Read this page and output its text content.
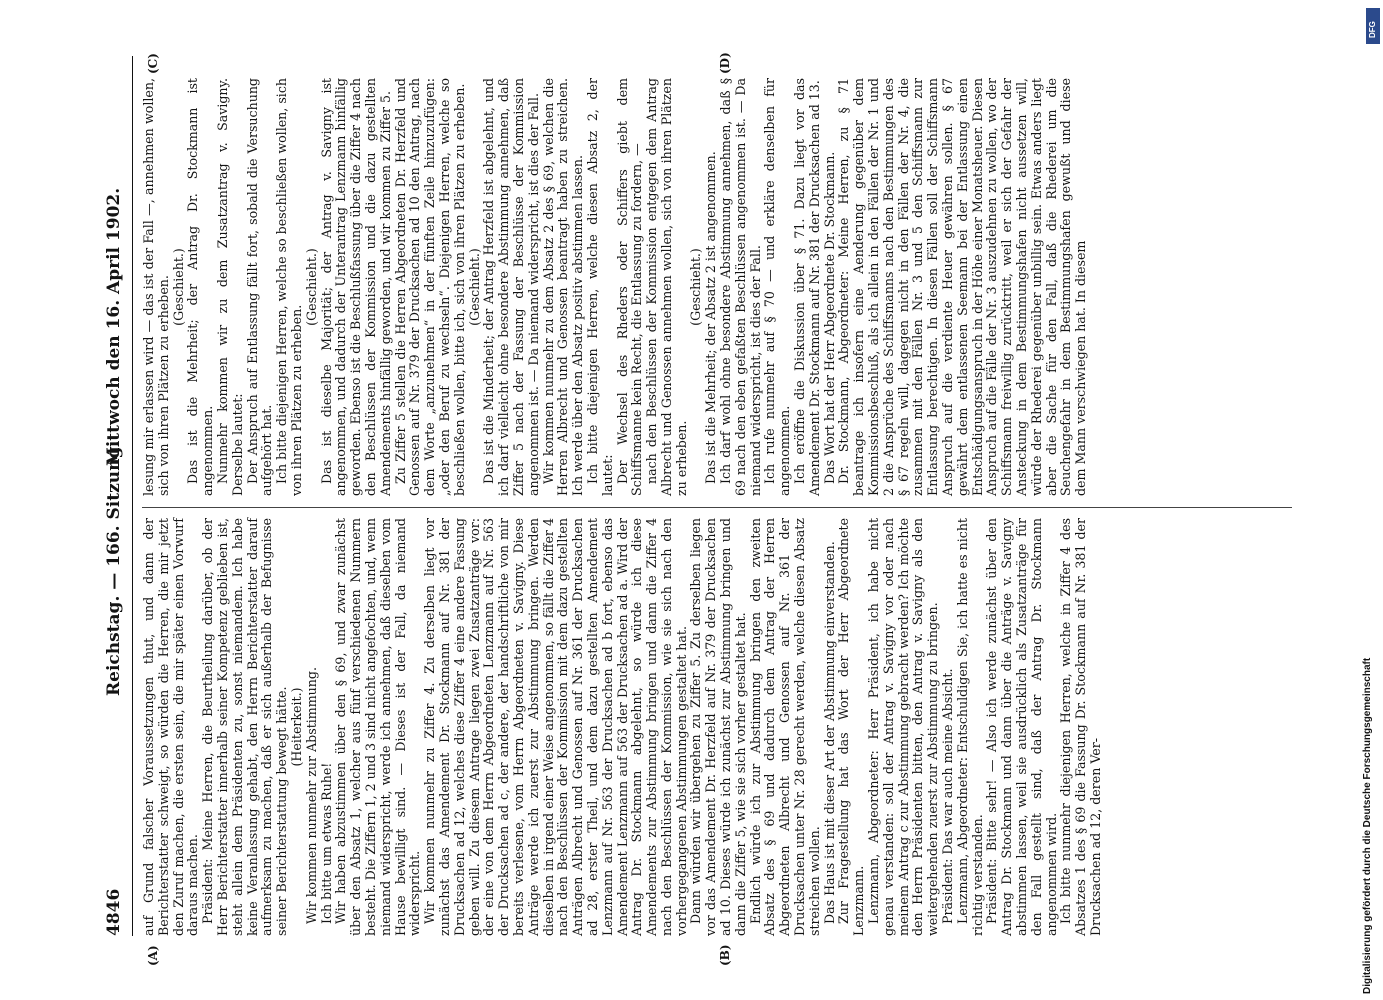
4846
Reichstag. — 166. Sitzung.
Mittwoch den 16. April 1902.
(A)	(B)
(C)	(D)

auf Grund falscher Voraussetzungen thut, und dann der Berichterstatter schweigt, so würden die Herren, die mir jetzt den Zuruf machen, die ersten sein, die mir später einen Vorwurf daraus machen. Präsident: Meine Herren, die Beurtheilung darüber, ob der Herr Berichterstatter innerhalb seiner Kompetenz geblieben ist, steht allein dem Präsidenten zu, sonst niemandem. Ich habe keine Veranlassung gehabt, den Herrn Berichterstatter darauf aufmerksam zu machen, daß er sich außerhalb der Befugnisse seiner Berichterstattung bewegt hätte. (Heiterkeit.) Wir kommen nunmehr zur Abstimmung. Ich bitte um etwas Ruhe! Wir haben abzustimmen über den § 69, und zwar zunächst über den Absatz 1, welcher aus fünf verschiedenen Nummern besteht. Die Ziffern 1, 2 und 3 sind nicht angefochten, und, wenn niemand widerspricht, werde ich annehmen, daß dieselben vom Hause bewilligt sind. — Dieses ist der Fall, da niemand widerspricht. Wir kommen nunmehr zu Ziffer 4. Zu derselben liegt vor zunächst das Amendement Dr. Stockmann auf Nr. 381 der Drucksachen ad 12, welches diese Ziffer 4 eine andere Fassung geben will. Zu diesem Antrage liegen zwei Zusatzanträge vor: der eine von dem Herrn Abgeordneten Lenzmann auf Nr. 563 der Drucksachen ad c, der andere, der handschriftliche von mir bereits verlesene, vom Herrn Abgeordneten v. Savigny. Diese Anträge werde ich zuerst zur Abstimmung bringen. Werden dieselben in irgend einer Weise angenommen, so fällt die Ziffer 4 nach den Beschlüssen der Kommission mit dem dazu gestellten Anträgen Albrecht und Genossen auf Nr. 361 der Drucksachen ad 28, erster Theil, und dem dazu gestellten Amendement Lenzmann auf Nr. 563 der Drucksachen ad b fort, ebenso das Amendement Lenzmann auf 563 der Drucksachen ad a. Wird der Antrag Dr. Stockmann abgelehnt, so würde ich diese Amendements zur Abstimmung bringen und dann die Ziffer 4 nach den Beschlüssen der Kommission, wie sie sich nach den vorhergegangenen Abstimmungen gestaltet hat. Dann würden wir übergehen zu Ziffer 5. Zu derselben liegen vor das Amendement Dr. Herzfeld auf Nr. 379 der Drucksachen ad 10. Dieses würde ich zunächst zur Abstimmung bringen und dann die Ziffer 5, wie sie sich vorher gestaltet hat. Endlich würde ich zur Abstimmung bringen den zweiten Absatz des § 69 und dadurch dem Antrag der Herren Abgeordneten Albrecht und Genossen auf Nr. 361 der Drucksachen unter Nr. 28 gerecht werden, welche diesen Absatz streichen wollen. Das Haus ist mit dieser Art der Abstimmung einverstanden. Zur Fragestellung hat das Wort der Herr Abgeordnete Lenzmann. Lenzmann, Abgeordneter: Herr Präsident, ich habe nicht genau verstanden: soll der Antrag v. Savigny vor oder nach meinem Antrag c zur Abstimmung gebracht werden? Ich möchte den Herrn Präsidenten bitten, den Antrag v. Savigny als den weitergehenden zuerst zur Abstimmung zu bringen. Präsident: Das war auch meine Absicht. Lenzmann, Abgeordneter: Entschuldigen Sie, ich hatte es nicht richtig verstanden. Präsident: Bitte sehr! — Also ich werde zunächst über den Antrag Dr. Stockmann und dann über die Anträge v. Savigny abstimmen lassen, weil sie ausdrücklich als Zusatzanträge für den Fall gestellt sind, daß der Antrag Dr. Stockmann angenommen wird. Ich bitte nunmehr diejenigen Herren, welche in Ziffer 4 des Absatzes 1 des § 69 die Fassung Dr. Stockmann auf Nr. 381 der Drucksachen ad 12, deren Ver-

lesung mir erlassen wird — das ist der Fall —, annehmen wollen, sich von ihren Plätzen zu erheben. (Geschieht.) Das ist die Mehrheit; der Antrag Dr. Stockmann ist angenommen. Nunmehr kommen wir zu dem Zusatzantrag v. Savigny. Derselbe lautet: Der Anspruch auf Entlassung fällt fort, sobald die Versuchung aufgehört hat. Ich bitte diejenigen Herren, welche so beschließen wollen, sich von ihren Plätzen zu erheben.

(Geschieht.) Das ist dieselbe Majorität; der Antrag v. Savigny ist angenommen, und dadurch der Unterantrag Lenzmann hinfällig geworden. Ebenso ist die Beschlußfassung über die Ziffer 4 nach den Beschlüssen der Kommission und die dazu gestellten Amendements hinfällig geworden, und wir kommen zu Ziffer 5. Zu Ziffer 5 stellen die Herren Abgeordneten Dr. Herzfeld und Genossen auf Nr. 379 der Drucksachen ad 10 den Antrag, nach dem Worte „anzunehmen“ in der fünften Zeile hinzuzufügen: „oder den Beruf zu wechseln“. Diejenigen Herren, welche so beschließen wollen, bitte ich, sich von ihren Plätzen zu erheben. (Geschieht.) Das ist die Minderheit; der Antrag Herzfeld ist abgelehnt, und ich darf vielleicht ohne besondere Abstimmung annehmen, daß Ziffer 5 nach der Fassung der Beschlüsse der Kommission angenommen ist. — Da niemand widerspricht, ist dies der Fall. Wir kommen nunmehr zu dem Absatz 2 des § 69, welchen die Herren Albrecht und Genossen beantragt haben zu streichen. Ich werde über den Absatz positiv abstimmen lassen. Ich bitte diejenigen Herren, welche diesen Absatz 2, der lautet: Der Wechsel des Rheders oder Schiffers giebt dem Schiffsmanne kein Recht, die Entlassung zu fordern, — nach den Beschlüssen der Kommission entgegen dem Antrag Albrecht und Genossen annehmen wollen, sich von ihren Plätzen zu erheben.

(Geschieht.) Das ist die Mehrheit; der Absatz 2 ist angenommen. Ich darf wohl ohne besondere Abstimmung annehmen, daß § 69 nach den eben gefaßten Beschlüssen angenommen ist. — Da niemand widerspricht, ist dies der Fall. Ich rufe nunmehr auf § 70 — und erkläre denselben für angenommen. Ich eröffne die Diskussion über § 71. Dazu liegt vor das Amendement Dr. Stockmann auf Nr. 381 der Drucksachen ad 13. Das Wort hat der Herr Abgeordnete Dr. Stockmann. Dr. Stockmann, Abgeordneter: Meine Herren, zu § 71 beantrage ich insofern eine Aenderung gegenüber dem Kommissionsbeschluß, als ich allein in den Fällen der Nr. 1 und 2 die Ansprüche des Schiffsmanns nach den Bestimmungen des § 67 regeln will, dagegen nicht in den Fällen der Nr. 4, die zusammen mit den Fällen Nr. 3 und 5 den Schiffsmann zur Entlassung berechtigen. In diesen Fällen soll der Schiffsmann Anspruch auf die verdiente Heuer gewähren sollen. § 67 gewährt dem entlassenen Seemann bei der Entlassung einen Entschädigungsanspruch in der Höhe einer Monatsheuer. Diesen Anspruch auf die Fälle der Nr. 3 auszudehnen zu wollen, wo der Schiffsmann freiwillig zurücktritt, weil er sich der Gefahr der Ansteckung in dem Bestimmungshafen nicht aussetzen will, würde der Rhederei gegenüber unbillig sein. Etwas anders liegt aber die Sache für den Fall, daß die Rhederei um die Seuchengefahr in dem Bestimmungshafen gewußt und diese dem Mann verschwiegen hat. In diesem

DFG
Digitalisierung gefördert durch die Deutsche Forschungsgemeinschaft
